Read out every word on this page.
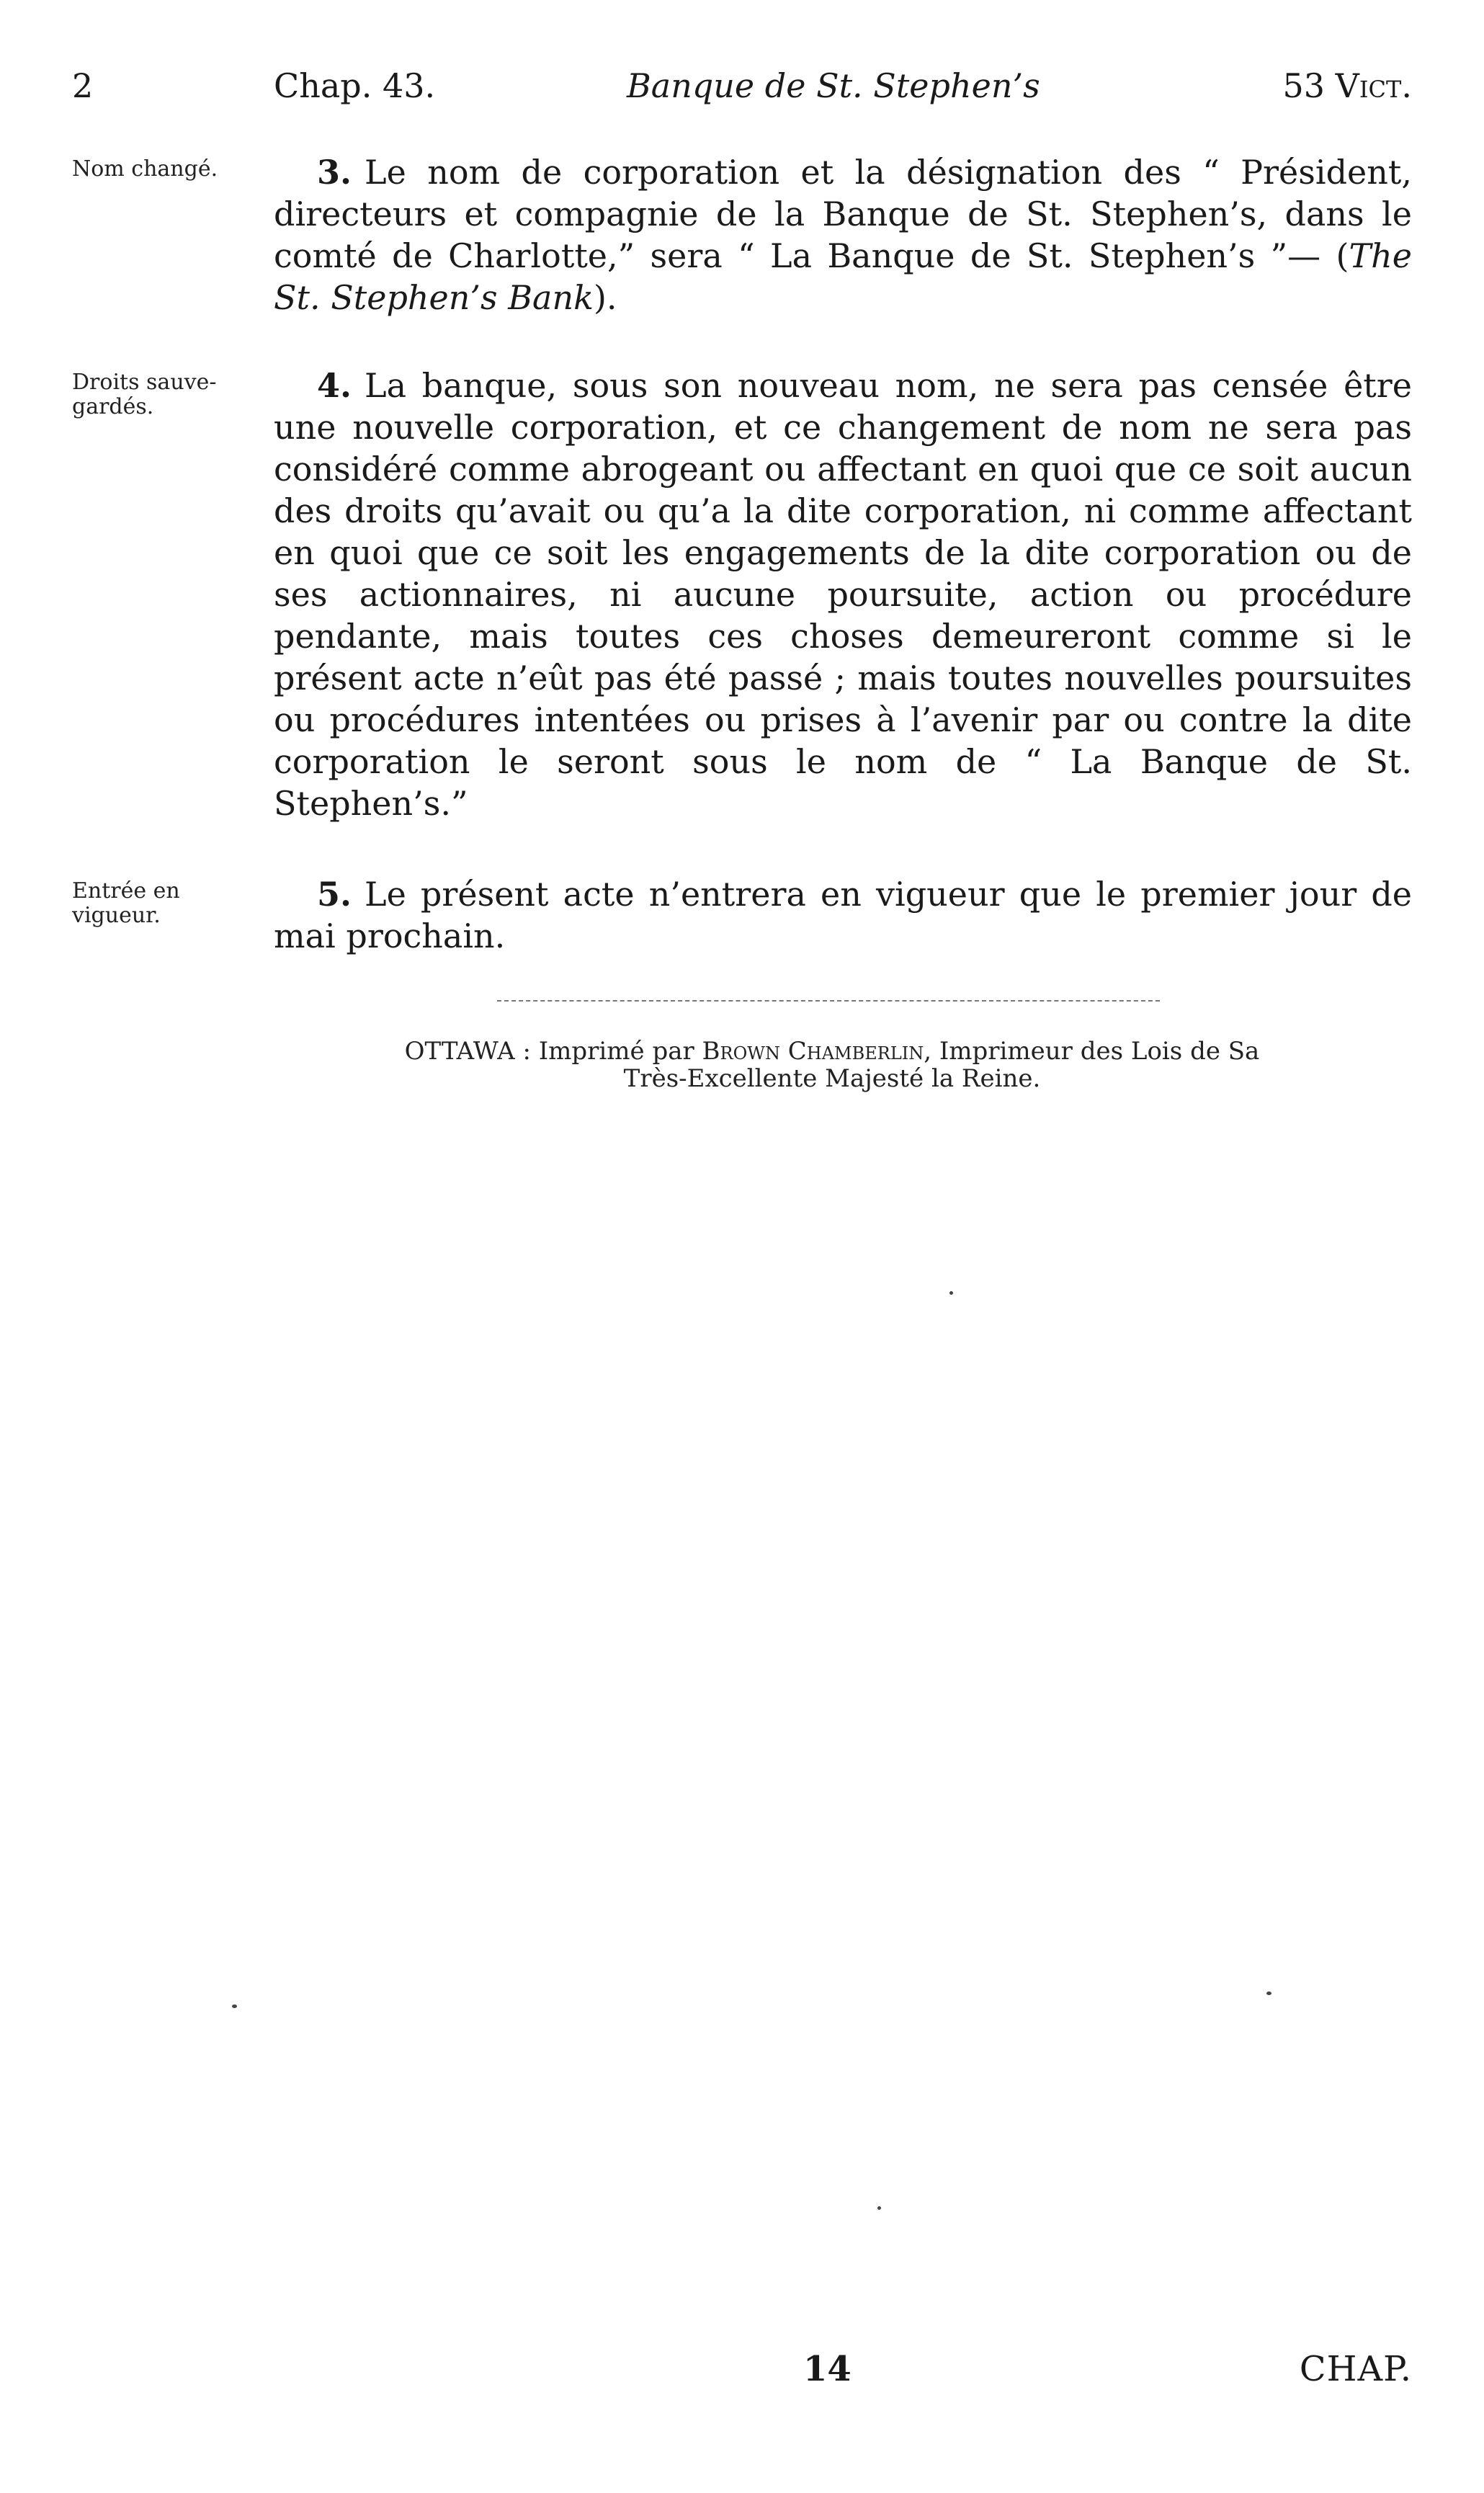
2	Chap. 43.	Banque de St. Stephen’s	53 Vict.
Nom changé.	3. Le nom de corporation et la désignation des “ Président, directeurs et compagnie de la Banque de St. Stephen’s, dans le comté de Charlotte,” sera “ La Banque de St. Stephen’s ”— (The St. Stephen’s Bank).
Droits sauve-gardés.
4. La banque, sous son nouveau nom, ne sera pas censée être une nouvelle corporation, et ce changement de nom ne sera pas considéré comme abrogeant ou affectant en quoi que ce soit aucun des droits qu’avait ou qu’a la dite corporation, ni comme affectant en quoi que ce soit les engagements de la dite corporation ou de ses actionnaires, ni aucune poursuite, action ou procédure pendante, mais toutes ces choses demeureront comme si le présent acte n’eût pas été passé ; mais toutes nouvelles poursuites ou procédures intentées ou prises à l’avenir par ou contre la dite corporation le seront sous le nom de “ La Banque de St. Stephen’s.”
Entrée en vigueur.
5. Le présent acte n’entrera en vigueur que le premier jour de mai prochain.
OTTAWA : Imprimé par Brown Chamberlin, Imprimeur des Lois de Sa
Très-Excellente Majesté la Reine.
14	CHAP.
